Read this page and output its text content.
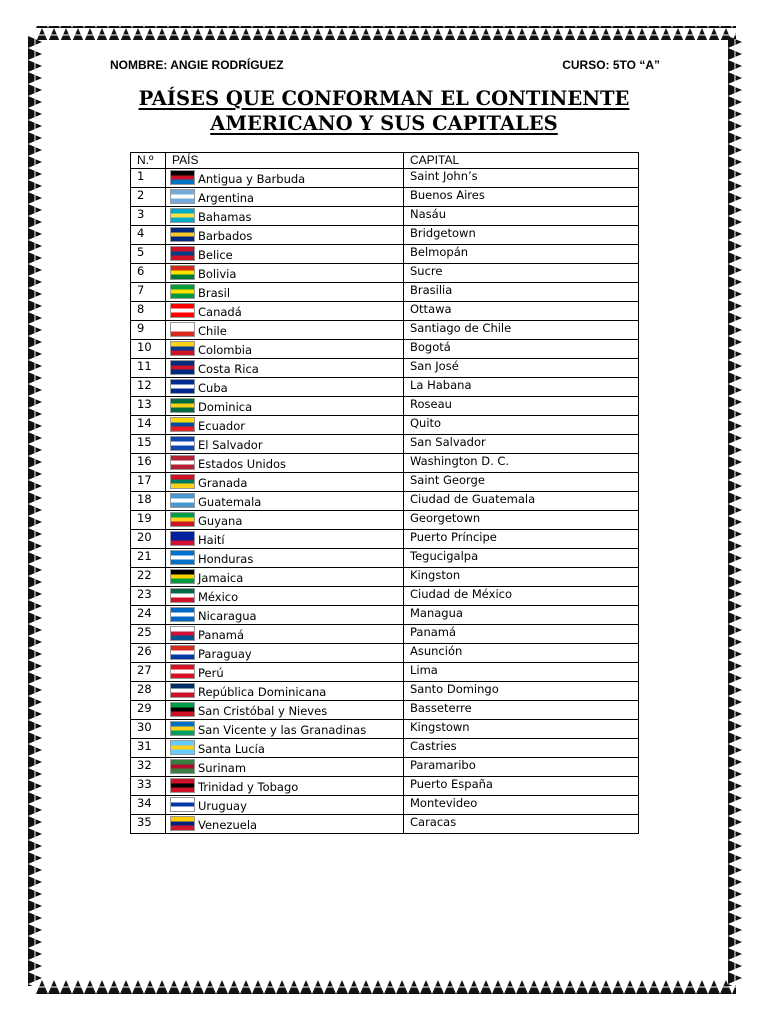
NOMBRE: ANGIE RODRÍGUEZ	CURSO: 5TO “A”
PAÍSES QUE CONFORMAN EL CONTINENTE
AMERICANO Y SUS CAPITALES
N.º	PAÍS	CAPITAL
1	Antigua y Barbuda	Saint John’s
2	Argentina	Buenos Aires
3	Bahamas	Nasáu
4	Barbados	Bridgetown
5	Belice	Belmopán
6	Bolivia	Sucre
7	Brasil	Brasilia
8	Canadá	Ottawa
9	Chile	Santiago de Chile
10	Colombia	Bogotá
11	Costa Rica	San José
12	Cuba	La Habana
13	Dominica	Roseau
14	Ecuador	Quito
15	El Salvador	San Salvador
16	Estados Unidos	Washington D. C.
17	Granada	Saint George
18	Guatemala	Ciudad de Guatemala
19	Guyana	Georgetown
20	Haití	Puerto Príncipe
21	Honduras	Tegucigalpa
22	Jamaica	Kingston
23	México	Ciudad de México
24	Nicaragua	Managua
25	Panamá	Panamá
26	Paraguay	Asunción
27	Perú	Lima
28	República Dominicana	Santo Domingo
29	San Cristóbal y Nieves	Basseterre
30	San Vicente y las Granadinas	Kingstown
31	Santa Lucía	Castries
32	Surinam	Paramaribo
33	Trinidad y Tobago	Puerto España
34	Uruguay	Montevideo
35	Venezuela	Caracas
